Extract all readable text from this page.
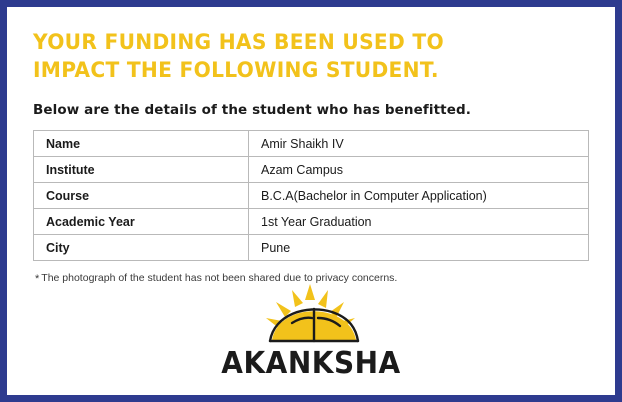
YOUR FUNDING HAS BEEN USED TO IMPACT THE FOLLOWING STUDENT.
Below are the details of the student who has benefitted.
Name	Amir Shaikh IV
Institute	Azam Campus
Course	B.C.A(Bachelor in Computer Application)
Academic Year	1st Year Graduation
City	Pune

* The photograph of the student has not been shared due to privacy concerns.

AKANKSHA
